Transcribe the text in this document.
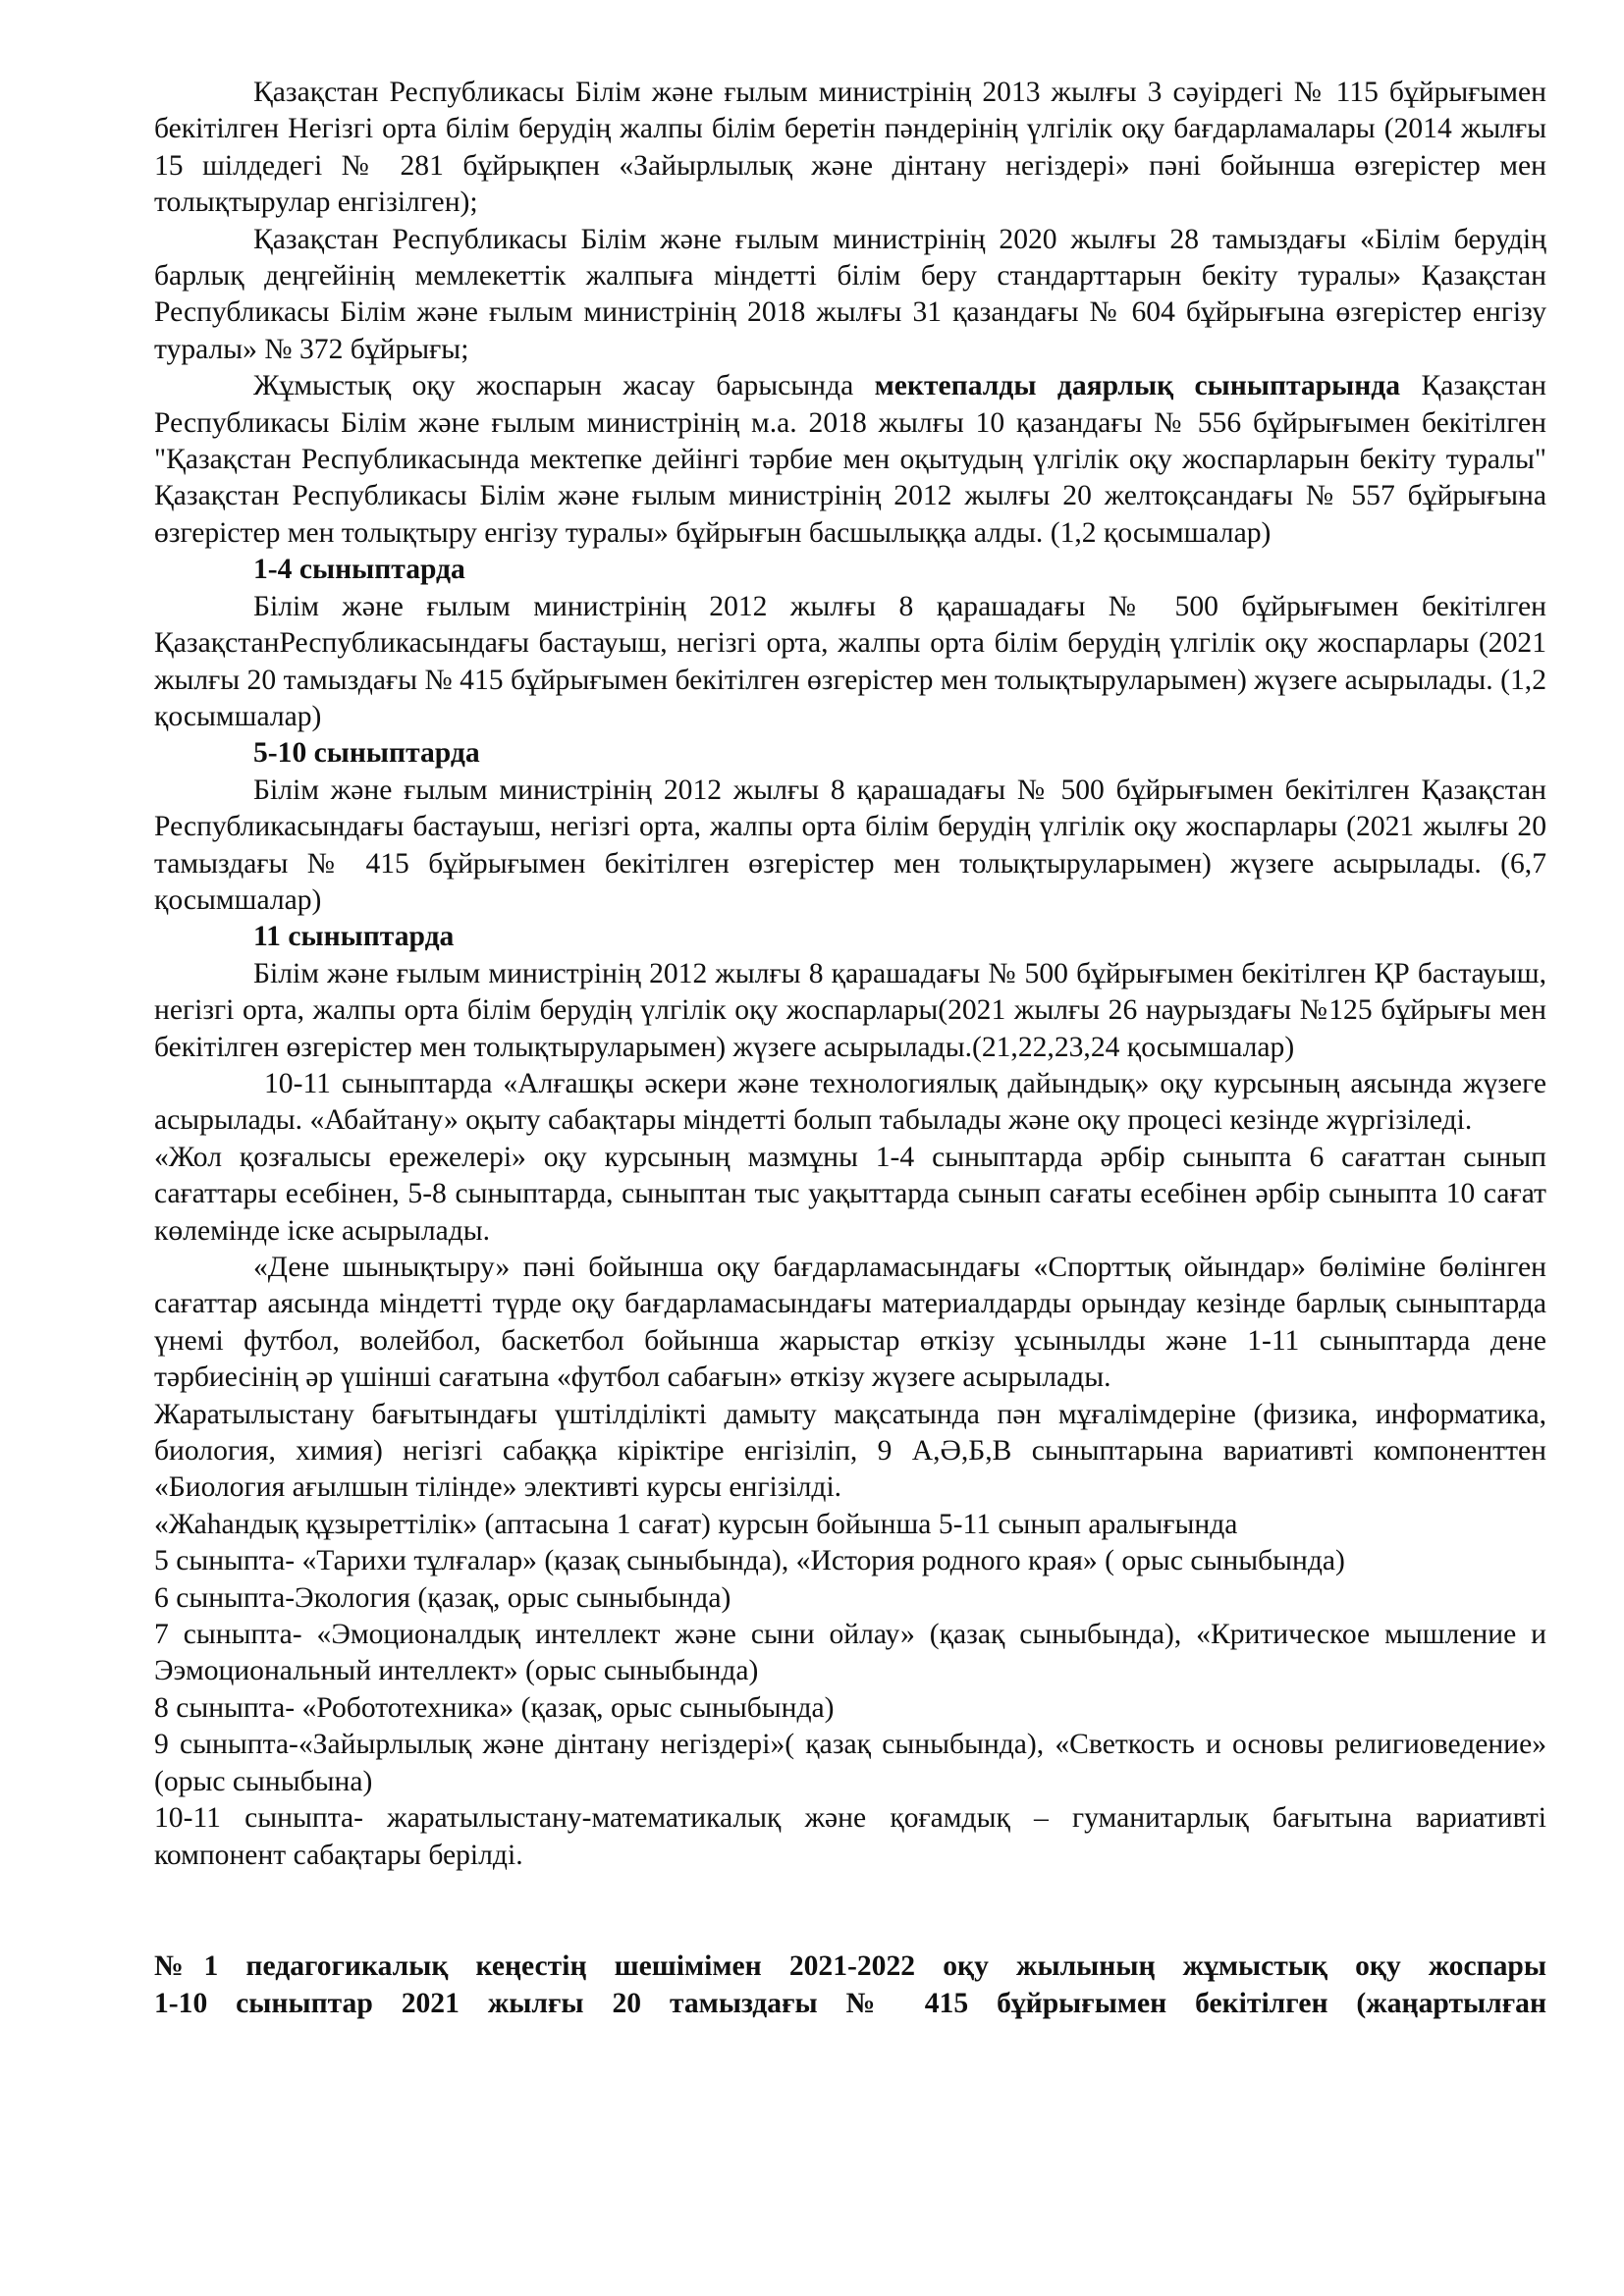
Қазақстан Республикасы Білім және ғылым министрінің 2013 жылғы 3 сәуірдегі № 115 бұйрығымен бекітілген Негізгі орта білім берудің жалпы білім беретін пәндерінің үлгілік оқу бағдарламалары (2014 жылғы 15 шілдедегі № 281 бұйрықпен «Зайырлылық және дінтану негіздері» пәні бойынша өзгерістер мен толықтырулар енгізілген);

Қазақстан Республикасы Білім және ғылым министрінің 2020 жылғы 28 тамыздағы «Білім берудің барлық деңгейінің мемлекеттік жалпыға міндетті білім беру стандарттарын бекіту туралы» Қазақстан Республикасы Білім және ғылым министрінің 2018 жылғы 31 қазандағы № 604 бұйрығына өзгерістер енгізу туралы» № 372 бұйрығы;

Жұмыстық оқу жоспарын жасау барысында мектепалды даярлық сыныптарында Қазақстан Республикасы Білім және ғылым министрінің м.а. 2018 жылғы 10 қазандағы № 556 бұйрығымен бекітілген "Қазақстан Республикасында мектепке дейінгі тәрбие мен оқытудың үлгілік оқу жоспарларын бекіту туралы" Қазақстан Республикасы Білім және ғылым министрінің 2012 жылғы 20 желтоқсандағы № 557 бұйрығына өзгерістер мен толықтыру енгізу туралы» бұйрығын басшылыққа алды. (1,2 қосымшалар)

1-4 сыныптарда

Білім және ғылым министрінің 2012 жылғы 8 қарашадағы № 500 бұйрығымен бекітілген ҚазақстанРеспубликасындағы бастауыш, негізгі орта, жалпы орта білім берудің үлгілік оқу жоспарлары (2021 жылғы 20 тамыздағы № 415 бұйрығымен бекітілген өзгерістер мен толықтыруларымен) жүзеге асырылады. (1,2 қосымшалар)

5-10 сыныптарда

Білім және ғылым министрінің 2012 жылғы 8 қарашадағы № 500 бұйрығымен бекітілген Қазақстан Республикасындағы бастауыш, негізгі орта, жалпы орта білім берудің үлгілік оқу жоспарлары (2021 жылғы 20 тамыздағы № 415 бұйрығымен бекітілген өзгерістер мен толықтыруларымен) жүзеге асырылады. (6,7 қосымшалар)

11 сыныптарда

Білім және ғылым министрінің 2012 жылғы 8 қарашадағы № 500 бұйрығымен бекітілген ҚР бастауыш, негізгі орта, жалпы орта білім берудің үлгілік оқу жоспарлары(2021 жылғы 26 наурыздағы №125 бұйрығы мен бекітілген өзгерістер мен толықтыруларымен) жүзеге асырылады.(21,22,23,24 қосымшалар)

10-11 сыныптарда «Алғашқы әскери және технологиялық дайындық» оқу курсының аясында жүзеге асырылады. «Абайтану» оқыту сабақтары міндетті болып табылады және оқу процесі кезінде жүргізіледі.

«Жол қозғалысы ережелері» оқу курсының мазмұны 1-4 сыныптарда әрбір сыныпта 6 сағаттан сынып сағаттары есебінен, 5-8 сыныптарда, сыныптан тыс уақыттарда сынып сағаты есебінен әрбір сыныпта 10 сағат көлемінде іске асырылады.

«Дене шынықтыру» пәні бойынша оқу бағдарламасындағы «Спорттық ойындар» бөліміне бөлінген сағаттар аясында міндетті түрде оқу бағдарламасындағы материалдарды орындау кезінде барлық сыныптарда үнемі футбол, волейбол, баскетбол бойынша жарыстар өткізу ұсынылды және 1-11 сыныптарда дене тәрбиесінің әр үшінші сағатына «футбол сабағын» өткізу жүзеге асырылады.

Жаратылыстану бағытындағы үштілділікті дамыту мақсатында пән мұғалімдеріне (физика, информатика, биология, химия) негізгі сабаққа кіріктіре енгізіліп, 9 А,Ә,Б,В сыныптарына вариативті компоненттен «Биология ағылшын тілінде» элективті курсы енгізілді.

«Жаһандық құзыреттілік» (аптасына 1 сағат) курсын бойынша 5-11 сынып аралығында

5 сыныпта- «Тарихи тұлғалар» (қазақ сыныбында), «История родного края» ( орыс сыныбында)

6 сыныпта-Экология (қазақ, орыс сыныбында)

7 сыныпта- «Эмоционалдық интеллект және сыни ойлау» (қазақ сыныбында), «Критическое мышление и Ээмоциональный интеллект» (орыс сыныбында)

8 сыныпта- «Робототехника» (қазақ, орыс сыныбында)

9 сыныпта-«Зайырлылық және дінтану негіздері»( қазақ сыныбында), «Светкость и основы религиоведение» (орыс сыныбына)

10-11 сыныпта- жаратылыстану-математикалық және қоғамдық – гуманитарлық бағытына вариативті компонент сабақтары берілді.

№1 педагогикалық кеңестің шешімімен 2021-2022 оқу жылының жұмыстық оқу жоспары

1-10 сыныптар 2021 жылғы 20 тамыздағы № 415 бұйрығымен бекітілген (жаңартылған
